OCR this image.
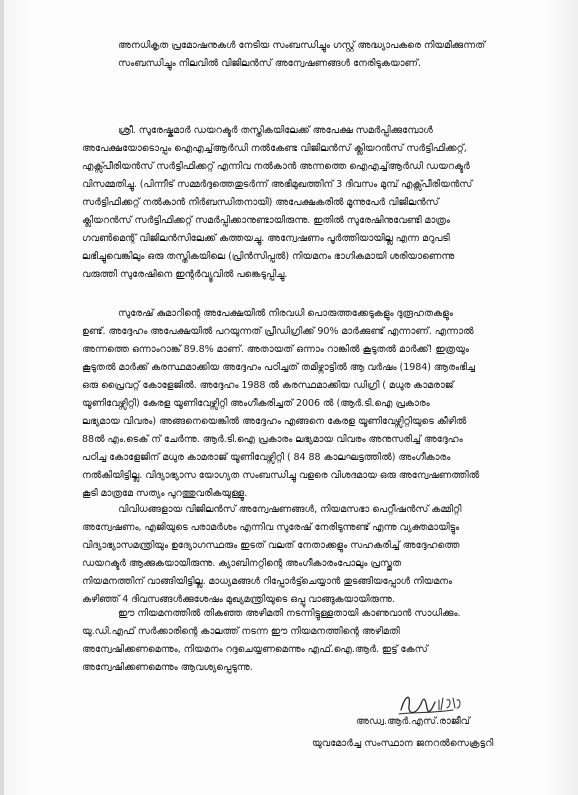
അനധികൃത പ്രമോഷനുകൾ നേടിയ സംബന്ധിച്ചും ഗസ്റ്റ് അദ്ധ്യാപകരെ നിയമിക്കുന്നത്
സംബന്ധിച്ചും നിലവിൽ വിജിലൻസ് അന്വേഷണങ്ങൾ നേരിടുകയാണ്.
ശ്രീ. സുരേഷ്കുമാർ ഡയറക്ടർ തസ്തികയിലേക്ക് അപേക്ഷ സമർപ്പിക്കുമ്പോൾ
അപേക്ഷയോടൊപ്പം ഐഎച്ച്ആർഡി നൽകേണ്ട വിജിലൻസ് ക്ലിയറൻസ് സർട്ടിഫിക്കറ്റ്,
എക്സ്പീരിയൻസ് സർട്ടിഫിക്കറ്റ് എന്നിവ നൽകാൻ അന്നത്തെ ഐഎച്ച്ആർഡി ഡയറക്ടർ
വിസമ്മതിച്ചു. (പിന്നീട് സമ്മർദ്ദത്തെതുടർന്ന് അഭിമുഖത്തിന് 3 ദിവസം മുമ്പ് എക്സ്പീരിയൻസ്
സർട്ടിഫിക്കറ്റ് നൽകാൻ നിർബന്ധിതനായി) അപേക്ഷകരിൽ മൂന്നുപേർ വിജിലൻസ്
ക്ലിയറൻസ് സർട്ടിഫിക്കറ്റ് സമർപ്പിക്കാനുണ്ടായിരുന്നു. ഇതിൽ സുരേഷിനുവേണ്ടി മാത്രം
ഗവൺമെന്റ് വിജിലൻസിലേക്ക് കത്തയച്ചു. അന്വേഷണം പൂർത്തിയായില്ല എന്ന മറുപടി
ലഭിച്ചുവെങ്കിലും ഒരു തസ്തികയിലെ (പ്രിൻസിപ്പൽ) നിയമനം ഭാഗികമായി ശരിയാണെന്നു
വരുത്തി സുരേഷിനെ ഇന്റർവ്യൂവിൽ പങ്കെടുപ്പിച്ചു.
സുരേഷ് കുമാറിന്റെ അപേക്ഷയിൽ നിരവധി പൊരുത്തക്കേടുകളും ദുരൂഹതകളും
ഉണ്ട്. അദ്ദേഹം അപേക്ഷയിൽ പറയുന്നത് പ്രീഡിഗ്രിക്ക് 90% മാർക്കുണ്ട് എന്നാണ്. എന്നാൽ
അന്നത്തെ ഒന്നാംറാങ്ക് 89.8% മാണ്. അതായത് ഒന്നാം റാങ്കിൽ കൂടുതൽ മാർക്ക്! ഇത്രയും
കൂടുതൽ മാർക്ക് കരസ്ഥമാക്കിയ അദ്ദേഹം പഠിച്ചത് തമിഴ്നാട്ടിൽ ആ വർഷം (1984) ആരംഭിച്ച
ഒരു പ്രൈവറ്റ് കോളേജിൽ. അദ്ദേഹം 1988 ൽ കരസ്ഥമാക്കിയ ഡിഗ്രി ( മധുര കാമരാജ്
യൂണിവേഴ്സിറ്റി) കേരള യൂണിവേഴ്സിറ്റി അംഗീകരിച്ചത് 2006 ൽ (ആർ.ടി.ഐ പ്രകാരം
ലഭ്യമായ വിവരം) അങ്ങനെയെങ്കിൽ അദ്ദേഹം എങ്ങനെ കേരള യൂണിവേഴ്സിറ്റിയുടെ കീഴിൽ
88ൽ എം.ടെക് ന് ചേർന്നു. ആർ.ടി.ഐ പ്രകാരം ലഭ്യമായ വിവരം അനുസരിച്ച് അദ്ദേഹം
പഠിച്ച കോളേജിന് മധുര കാമരാജ് യൂണിവേഴ്സിറ്റി ( 84 88 കാലഘട്ടത്തിൽ) അംഗീകാരം
നൽകിയിട്ടില്ല. വിദ്യാഭ്യാസ യോഗ്യത സംബന്ധിച്ചു വളരെ വിശദമായ ഒരു അന്വേഷണത്തിൽ
കൂടി മാത്രമേ സത്യം പുറത്തുവരികയുള്ളൂ.
വിവിധങ്ങളായ വിജിലൻസ് അന്വേഷണങ്ങൾ, നിയമസഭാ പെറ്റീഷൻസ് കമ്മിറ്റി
അന്വേഷണം, എജിയുടെ പരാമർശം എന്നിവ സുരേഷ് നേരിടുന്നുണ്ട് എന്നു വ്യക്തമായിട്ടും
വിദ്യാഭ്യാസമന്ത്രിയും ഉദ്യോഗസ്ഥരും ഇടത് വലത് നേതാക്കളും സഹകരിച്ച് അദ്ദേഹത്തെ
ഡയറക്ടർ ആക്കുകയായിരുന്നു. ക്യാബിനറ്റിന്റെ അംഗീകാരംപോലും പ്രസ്തുത
നിയമനത്തിന് വാങ്ങിയിട്ടില്ല. മാധ്യമങ്ങൾ റിപ്പോർട്ട്ചെയ്യാൻ തുടങ്ങിയപ്പോൾ നിയമനം
കഴിഞ്ഞ് 4 ദിവസങ്ങൾക്കുശേഷം മുഖ്യമന്ത്രിയുടെ ഒപ്പു വാങ്ങുകയായിരുന്നു.
ഈ നിയമനത്തിൽ തികഞ്ഞ അഴിമതി നടന്നിട്ടുള്ളതായി കാണുവാൻ സാധിക്കും.
യു.ഡി.എഫ് സർക്കാരിന്റെ കാലത്ത് നടന്ന ഈ നിയമനത്തിന്റെ അഴിമതി
അന്വേഷിക്കണമെന്നും, നിയമനം റദ്ദചെയ്യണമെന്നും എഫ്.ഐ.ആർ. ഇട്ട് കേസ്
അന്വേഷിക്കണമെന്നും ആവശ്യപ്പെടുന്നു.
അഡ്വ.ആർ.എസ്.രാജീവ്
യുവമോർച്ച സംസ്ഥാന ജനറൽസെക്രട്ടറി
